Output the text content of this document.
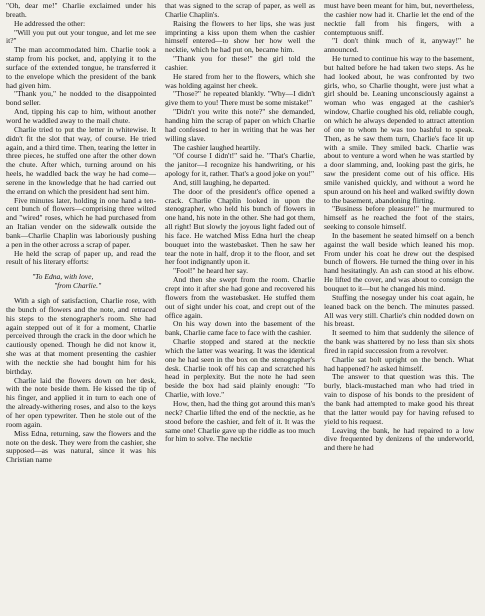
"Oh, dear me!" Charlie exclaimed under his breath.

He addressed the other:

"Will you put out your tongue, and let me see it?"

The man accommodated him. Charlie took a stamp from his pocket, and, applying it to the surface of the extended tongue, he transferred it to the envelope which the president of the bank had given him.

"Thank you," he nodded to the disappointed bond seller.

And, tipping his cap to him, without another word he waddled away to the mail chute.

Charlie tried to put the letter in whitewise. It didn't fit the slot that way, of course. He tried again, and a third time. Then, tearing the letter in three pieces, he stuffed one after the other down the chute. After which, turning around on his heels, he waddled back the way he had come—serene in the knowledge that he had carried out the errand on which the president had sent him.

Five minutes later, holding in one hand a ten-cent bunch of flowers—comprising three wilted and "wired" roses, which he had purchased from an Italian vender on the sidewalk outside the bank—Charlie Chaplin was laboriously pushing a pen in the other across a scrap of paper.

He held the scrap of paper up, and read the result of his literary efforts:

"To Edna, with love,
"from Charlie."

With a sigh of satisfaction, Charlie rose, with the bunch of flowers and the note, and retraced his steps to the stenographer's room. She had again stepped out of it for a moment, Charlie perceived through the crack in the door which he cautiously opened. Though he did not know it, she was at that moment presenting the cashier with the necktie she had bought him for his birthday.

Charlie laid the flowers down on her desk, with the note beside them. He kissed the tip of his finger, and applied it in turn to each one of the already-withering roses, and also to the keys of her open typewriter. Then he stole out of the room again.

Miss Edna, returning, saw the flowers and the note on the desk. They were from the cashier, she supposed—as was natural, since it was his Christian name

that was signed to the scrap of paper, as well as Charlie Chaplin's.

Raising the flowers to her lips, she was just imprinting a kiss upon them when the cashier himself entered—to show her how well the necktie, which he had put on, became him.

"Thank you for these!" the girl told the cashier.

He stared from her to the flowers, which she was holding against her cheek.

"Those?" he repeated blankly. "Why—I didn't give them to you! There must be some mistake!"

"Didn't you write this note?" she demanded, handing him the scrap of paper on which Charlie had confessed to her in writing that he was her willing slave.

The cashier laughed heartily.

"Of course I didn't!" said he. "That's Charlie, the janitor—I recognize his handwriting, or his apology for it, rather. That's a good joke on you!"

And, still laughing, he departed.

The door of the president's office opened a crack. Charlie Chaplin looked in upon the stenographer, who held his bunch of flowers in one hand, his note in the other. She had got them, all right! But slowly the joyous light faded out of his face. He watched Miss Edna hurl the cheap bouquet into the wastebasket. Then he saw her tear the note in half, drop it to the floor, and set her foot indignantly upon it.

"Fool!" he heard her say.

And then she swept from the room. Charlie crept into it after she had gone and recovered his flowers from the wastebasket. He stuffed them out of sight under his coat, and crept out of the office again.

On his way down into the basement of the bank, Charlie came face to face with the cashier.

Charlie stopped and stared at the necktie which the latter was wearing. It was the identical one he had seen in the box on the stenographer's desk. Charlie took off his cap and scratched his head in perplexity. But the note he had seen beside the box had said plainly enough: "To Charlie, with love."

How, then, had the thing got around this man's neck? Charlie lifted the end of the necktie, as he stood before the cashier, and felt of it. It was the same one! Charlie gave up the riddle as too much for him to solve. The necktie

must have been meant for him, but, nevertheless, the cashier now had it. Charlie let the end of the necktie fall from his fingers, with a contemptuous sniff.

"I don't think much of it, anyway!" he announced.

He turned to continue his way to the basement, but halted before he had taken two steps. As he had looked about, he was confronted by two girls, who, so Charlie thought, were just what a girl should be. Leaning unconsciously against a woman who was engaged at the cashier's window, Charlie coughed his old, reliable cough, on which he always depended to attract attention of one to whom he was too bashful to speak. Then, as he saw them turn, Charlie's face lit up with a smile. They smiled back. Charlie was about to venture a word when he was startled by a door slamming, and, looking past the girls, he saw the president come out of his office. His smile vanished quickly, and without a word he spun around on his heel and walked swiftly down to the basement, abandoning flirting.

"Business before pleasure!" he murmured to himself as he reached the foot of the stairs, seeking to console himself.

In the basement he seated himself on a bench against the wall beside which leaned his mop. From under his coat he drew out the despised bunch of flowers. He turned the thing over in his hand hesitatingly. An ash can stood at his elbow. He lifted the cover, and was about to consign the bouquet to it—but he changed his mind.

Stuffing the nosegay under his coat again, he leaned back on the bench. The minutes passed. All was very still. Charlie's chin nodded down on his breast.

It seemed to him that suddenly the silence of the bank was shattered by no less than six shots fired in rapid succession from a revolver.

Charlie sat bolt upright on the bench. What had happened? he asked himself.

The answer to that question was this. The burly, black-mustached man who had tried in vain to dispose of his bonds to the president of the bank had attempted to make good his threat that the latter would pay for having refused to yield to his request.

Leaving the bank, he had repaired to a low dive frequented by denizens of the underworld, and there he had
